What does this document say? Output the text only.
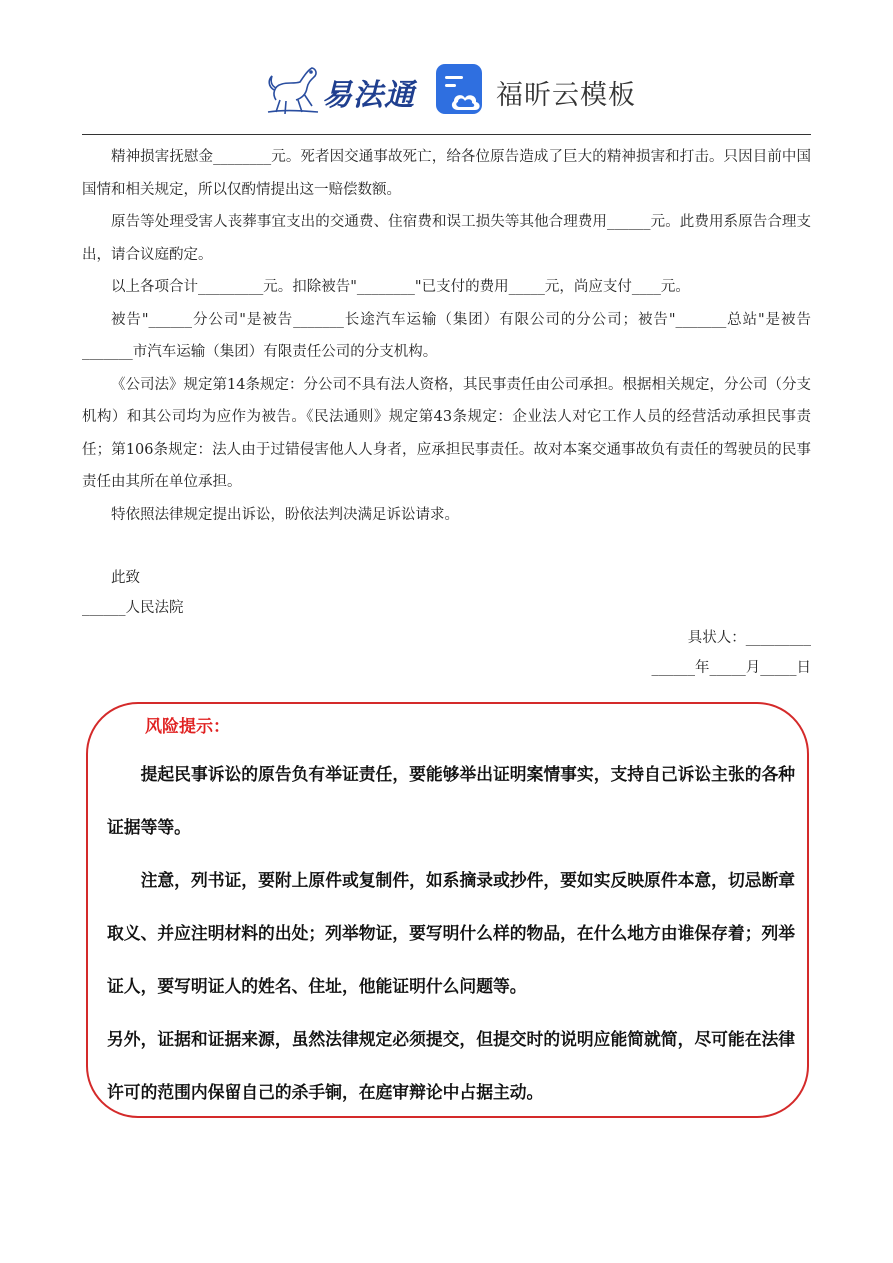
易法通	福昕云模板

精神损害抚慰金________元。死者因交通事故死亡，给各位原告造成了巨大的精神损害和打击。只因目前中国国情和相关规定，所以仅酌情提出这一赔偿数额。

原告等处理受害人丧葬事宜支出的交通费、住宿费和误工损失等其他合理费用______元。此费用系原告合理支出，请合议庭酌定。

以上各项合计_________元。扣除被告"________"已支付的费用_____元，尚应支付____元。

被告"______分公司"是被告_______长途汽车运输（集团）有限公司的分公司；被告"_______总站"是被告_______市汽车运输（集团）有限责任公司的分支机构。

《公司法》规定第14条规定：分公司不具有法人资格，其民事责任由公司承担。根据相关规定，分公司（分支机构）和其公司均为应作为被告。《民法通则》规定第43条规定：企业法人对它工作人员的经营活动承担民事责任；第106条规定：法人由于过错侵害他人人身者，应承担民事责任。故对本案交通事故负有责任的驾驶员的民事责任由其所在单位承担。

特依照法律规定提出诉讼，盼依法判决满足诉讼请求。

此致

______人民法院

具状人：_________

______年_____月_____日

风险提示：

提起民事诉讼的原告负有举证责任，要能够举出证明案情事实，支持自己诉讼主张的各种证据等等。

注意，列书证，要附上原件或复制件，如系摘录或抄件，要如实反映原件本意，切忌断章取义、并应注明材料的出处；列举物证，要写明什么样的物品，在什么地方由谁保存着；列举证人，要写明证人的姓名、住址，他能证明什么问题等。

另外，证据和证据来源，虽然法律规定必须提交，但提交时的说明应能简就简，尽可能在法律许可的范围内保留自己的杀手锏，在庭审辩论中占据主动。
